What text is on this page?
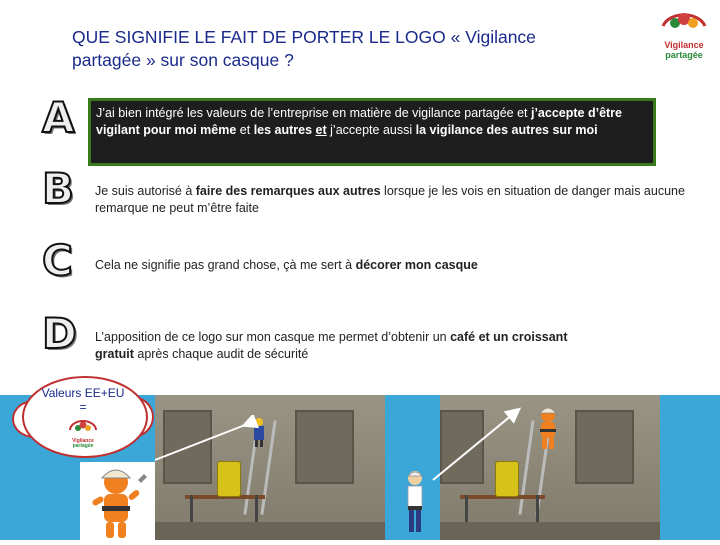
QUE SIGNIFIE LE FAIT DE PORTER LE LOGO « Vigilance
partagée » sur son casque ?
Vigilance
partagée
A
B
C
D
J’ai bien intégré les valeurs de l’entreprise en matière de vigilance partagée et j’accepte d’être vigilant pour moi même et les autres et j’accepte aussi la vigilance des autres sur moi
Je suis autorisé à faire des remarques aux autres lorsque je les vois en situation de danger mais aucune remarque ne peut m’être faite
Cela ne signifie pas grand chose, çà me sert à décorer mon casque
L’apposition de ce logo sur mon casque me permet d’obtenir un café et un croissant gratuit après chaque audit de sécurité
Valeurs EE+EU
=
Vigilance
partagée
